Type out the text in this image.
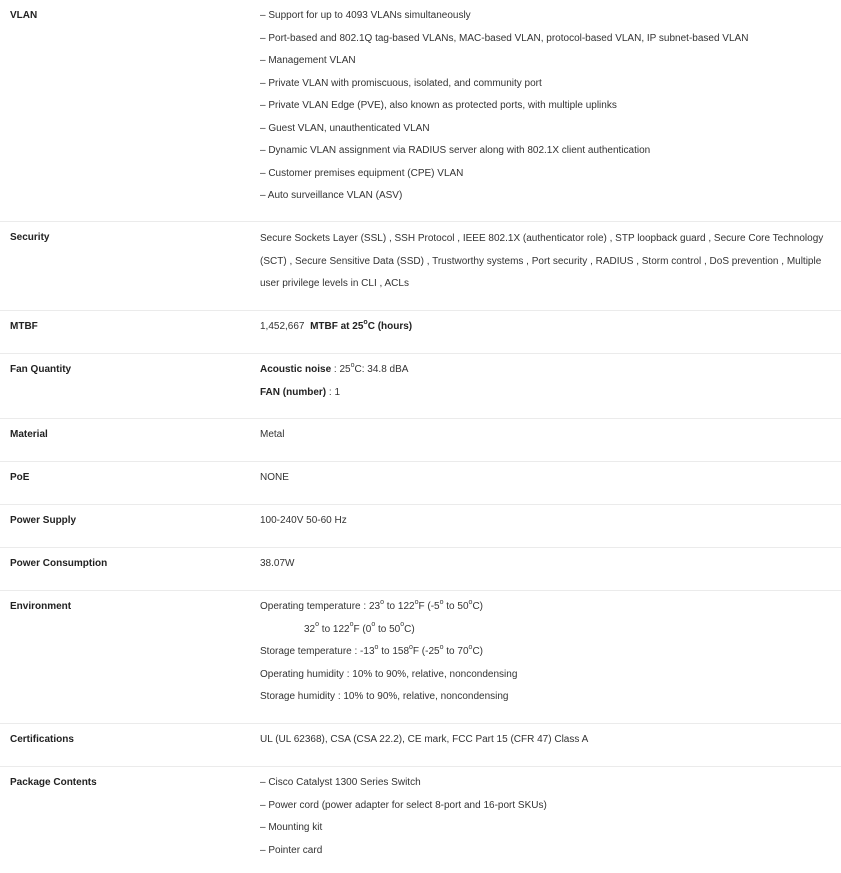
VLAN	– Support for up to 4093 VLANs simultaneously
– Port-based and 802.1Q tag-based VLANs, MAC-based VLAN, protocol-based VLAN, IP subnet-based VLAN
– Management VLAN
– Private VLAN with promiscuous, isolated, and community port
– Private VLAN Edge (PVE), also known as protected ports, with multiple uplinks
– Guest VLAN, unauthenticated VLAN
– Dynamic VLAN assignment via RADIUS server along with 802.1X client authentication
– Customer premises equipment (CPE) VLAN
– Auto surveillance VLAN (ASV)
Security	Secure Sockets Layer (SSL) , SSH Protocol , IEEE 802.1X (authenticator role) , STP loopback guard , Secure Core Technology (SCT) , Secure Sensitive Data (SSD) , Trustworthy systems , Port security , RADIUS , Storm control , DoS prevention , Multiple user privilege levels in CLI , ACLs
MTBF	1,452,667 MTBF at 25$^o$C (hours)
Fan Quantity	Acoustic noise : 25$^o$C: 34.8 dBA
FAN (number) : 1
Material	Metal
PoE	NONE
Power Supply	100-240V 50-60 Hz
Power Consumption	38.07W
Environment	Operating temperature : 23$^o$ to 122$^o$F (-5$^o$ to 50$^o$C)
32$^o$ to 122$^o$F (0$^o$ to 50$^o$C)
Storage temperature : -13$^o$ to 158$^o$F (-25$^o$ to 70$^o$C)
Operating humidity : 10% to 90%, relative, noncondensing
Storage humidity : 10% to 90%, relative, noncondensing
Certifications	UL (UL 62368), CSA (CSA 22.2), CE mark, FCC Part 15 (CFR 47) Class A
Package Contents	– Cisco Catalyst 1300 Series Switch
– Power cord (power adapter for select 8-port and 16-port SKUs)
– Mounting kit
– Pointer card
